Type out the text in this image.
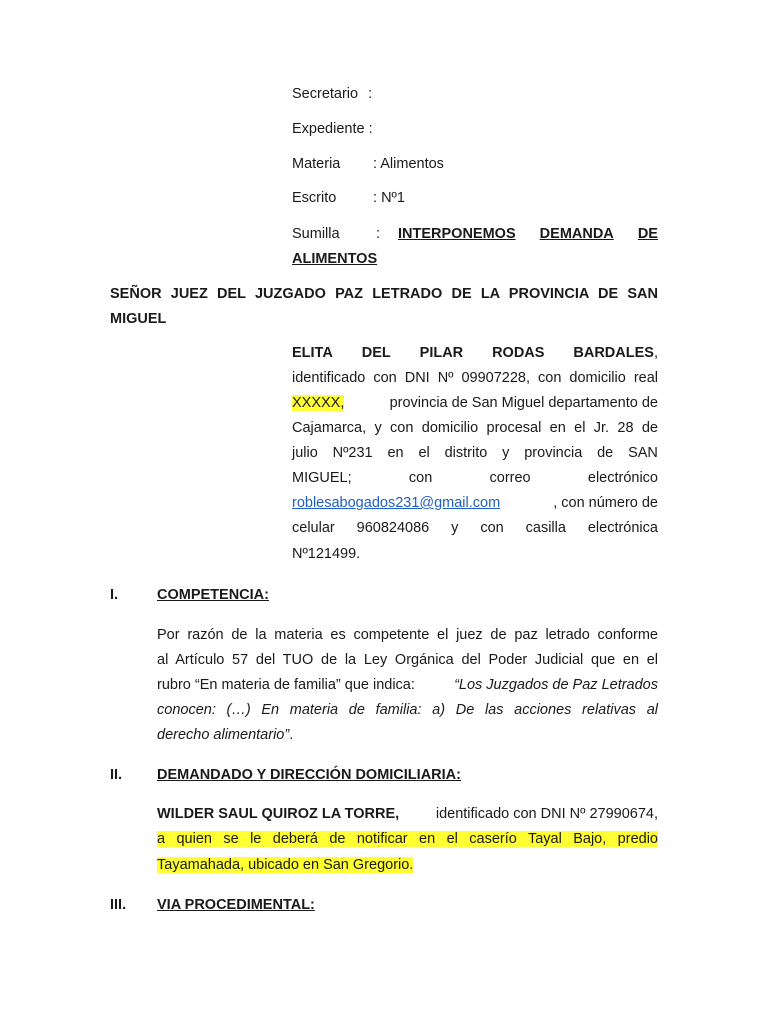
Secretario :
Expediente :
Materia : Alimentos
Escrito	: Nº1
Sumilla	: INTERPONEMOS DEMANDA DE
ALIMENTOS
SEÑOR JUEZ DEL JUZGADO PAZ LETRADO DE LA PROVINCIA DE SAN
MIGUEL
ELITA DEL PILAR RODAS BARDALES,
identificado con DNI Nº 09907228, con domicilio real
XXXXX,	provincia de San Miguel departamento de
Cajamarca, y con domicilio procesal en el Jr. 28 de
julio Nº231 en el distrito y provincia de SAN
MIGUEL;	con	correo	electrónico
roblesabogados231@gmail.com	, con número de
celular 960824086 y con casilla electrónica
Nº121499.
I.	COMPETENCIA:
Por razón de la materia es competente el juez de paz letrado conforme
al Artículo 57 del TUO de la Ley Orgánica del Poder Judicial que en el
rubro “En materia de familia” que indica:	“Los Juzgados de Paz Letrados
conocen: (…) En materia de familia: a) De las acciones relativas al
derecho alimentario”.
II. DEMANDADO Y DIRECCIÓN DOMICILIARIA:
WILDER SAUL QUIROZ LA TORRE,	identificado con DNI Nº 27990674,
a quien se le deberá de notificar en el caserío Tayal Bajo, predio
Tayamahada, ubicado en San Gregorio.
III. VIA PROCEDIMENTAL:
